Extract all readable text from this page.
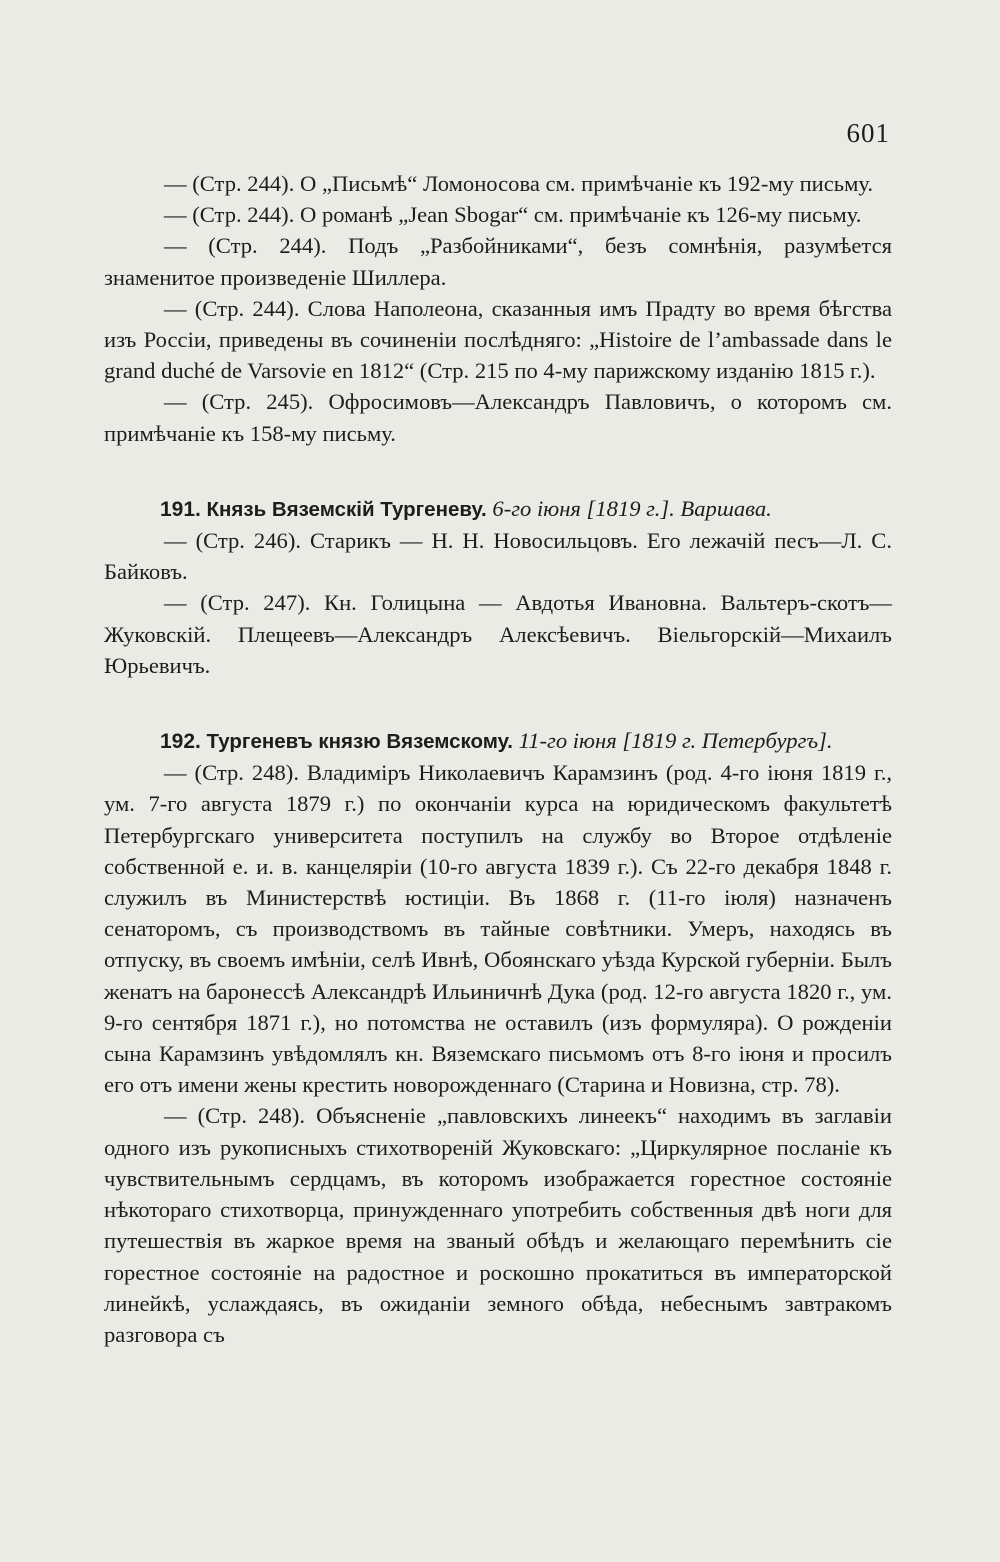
601

— (Стр. 244). О „Письмѣ“ Ломоносова см. примѣчаніе къ 192-му письму.

— (Стр. 244). О романѣ „Jean Sbogar“ см. примѣчаніе къ 126-му письму.

— (Стр. 244). Подъ „Разбойниками“, безъ сомнѣнія, разумѣется знаменитое произведеніе Шиллера.

— (Стр. 244). Слова Наполеона, сказанныя имъ Прадту во время бѣгства изъ Россіи, приведены въ сочиненіи послѣдняго: „Histoire de l’ambassade dans le grand duché de Varsovie en 1812“ (Стр. 215 по 4-му парижскому изданію 1815 г.).

— (Стр. 245). Офросимовъ—Александръ Павловичъ, о которомъ см. примѣчаніе къ 158-му письму.

191. Князь Вяземскій Тургеневу. 6-го іюня [1819 г.]. Варшава.

— (Стр. 246). Старикъ — Н. Н. Новосильцовъ. Его лежачій песъ—Л. С. Байковъ.

— (Стр. 247). Кн. Голицына — Авдотья Ивановна. Вальтеръ-скотъ—Жуковскій. Плещеевъ—Александръ Алексѣевичъ. Віельгорскій—Михаилъ Юрьевичъ.

192. Тургеневъ князю Вяземскому. 11-го іюня [1819 г. Петербургъ].

— (Стр. 248). Владиміръ Николаевичъ Карамзинъ (род. 4-го іюня 1819 г., ум. 7-го августа 1879 г.) по окончаніи курса на юридическомъ факультетѣ Петербургскаго университета поступилъ на службу во Второе отдѣленіе собственной е. и. в. канцеляріи (10-го августа 1839 г.). Съ 22-го декабря 1848 г. служилъ въ Министерствѣ юстиціи. Въ 1868 г. (11-го іюля) назначенъ сенаторомъ, съ производствомъ въ тайные совѣтники. Умеръ, находясь въ отпуску, въ своемъ имѣніи, селѣ Ивнѣ, Обоянскаго уѣзда Курской губерніи. Былъ женатъ на баронессѣ Александрѣ Ильиничнѣ Дука (род. 12-го августа 1820 г., ум. 9-го сентября 1871 г.), но потомства не оставилъ (изъ формуляра). О рожденіи сына Карамзинъ увѣдомлялъ кн. Вяземскаго письмомъ отъ 8-го іюня и просилъ его отъ имени жены крестить новорожденнаго (Старина и Новизна, стр. 78).

— (Стр. 248). Объясненіе „павловскихъ линеекъ“ находимъ въ заглавіи одного изъ рукописныхъ стихотвореній Жуковскаго: „Циркулярное посланіе къ чувствительнымъ сердцамъ, въ которомъ изображается горестное состояніе нѣкотораго стихотворца, принужденнаго употребить собственныя двѣ ноги для путешествія въ жаркое время на званый обѣдъ и желающаго перемѣнить сіе горестное состояніе на радостное и роскошно прокатиться въ императорской линейкѣ, услаждаясь, въ ожиданіи земного обѣда, небеснымъ завтракомъ разговора съ
